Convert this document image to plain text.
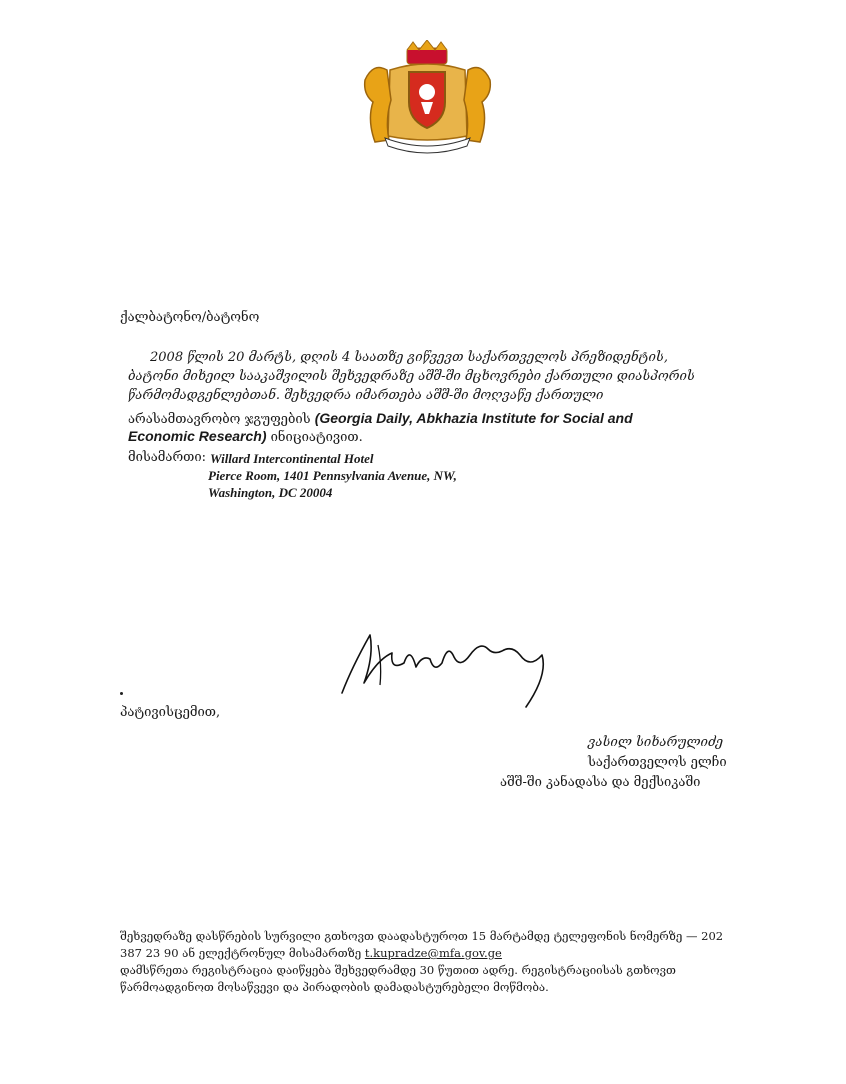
ქალბატონო/ბატონო
2008 წლის 20 მარტს, დღის 4 საათზე გიწვევთ საქართველოს პრეზიდენტის,
ბატონი მიხეილ სააკაშვილის შეხვედრაზე აშშ-ში მცხოვრები ქართული დიასპორის
წარმომადგენლებთან. შეხვედრა იმართება აშშ-ში მოღვაწე ქართული
არასამთავრობო ჯგუფების (Georgia Daily, Abkhazia Institute for Social and
Economic Research) ინიციატივით.
მისამართი: Willard Intercontinental Hotel
Pierce Room, 1401 Pennsylvania Avenue, NW,
Washington, DC 20004
პატივისცემით,
ვასილ სიხარულიძე
საქართველოს ელჩი
აშშ-ში კანადასა და მექსიკაში
შეხვედრაზე დასწრების სურვილი გთხოვთ დაადასტუროთ 15 მარტამდე ტელეფონის ნომერზე — 202
387 23 90 ან ელექტრონულ მისამართზე t.kupradze@mfa.gov.ge
დამსწრეთა რეგისტრაცია დაიწყება შეხვედრამდე 30 წუთით ადრე. რეგისტრაციისას გთხოვთ
წარმოადგინოთ მოსაწვევი და პირადობის დამადასტურებელი მოწმობა.
